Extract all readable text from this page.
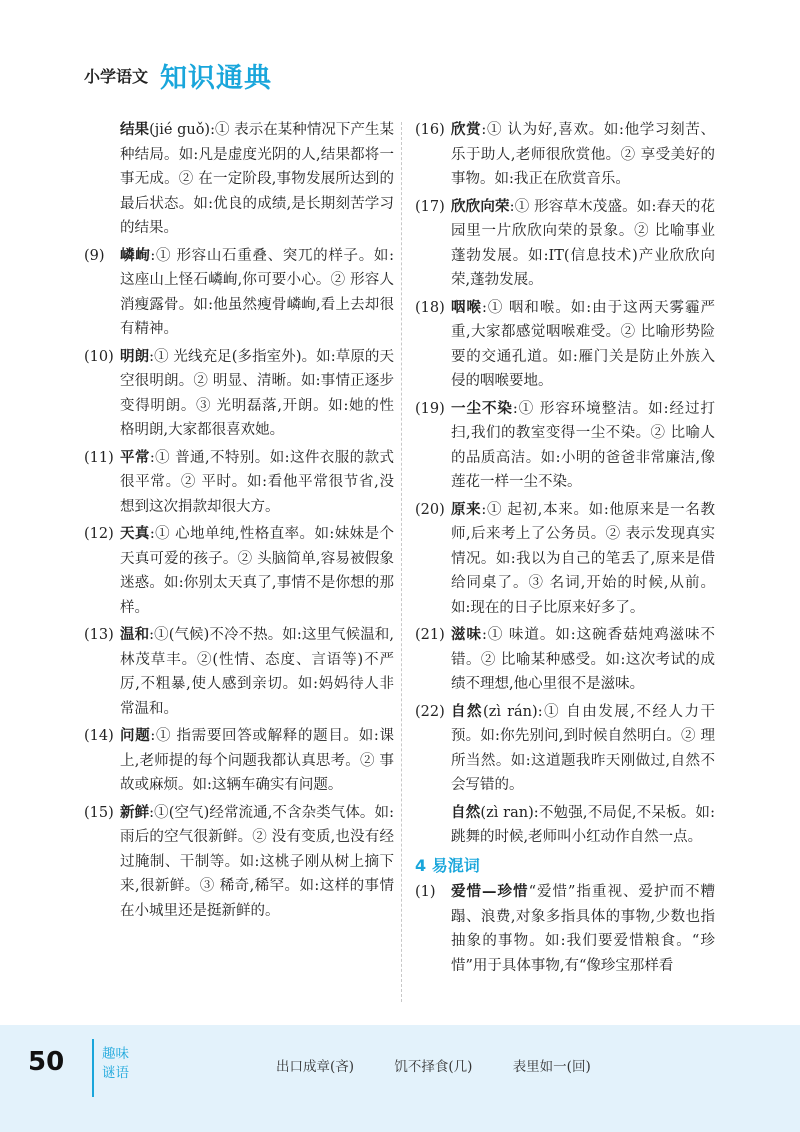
小学语文 知识通典
结果(jié guǒ):① 表示在某种情况下产生某种结局。如:凡是虚度光阴的人,结果都将一事无成。② 在一定阶段,事物发展所达到的最后状态。如:优良的成绩,是长期刻苦学习的结果。
(9)	嶙峋:① 形容山石重叠、突兀的样子。如:这座山上怪石嶙峋,你可要小心。② 形容人消瘦露骨。如:他虽然瘦骨嶙峋,看上去却很有精神。
(10) 明朗:① 光线充足(多指室外)。如:草原的天空很明朗。② 明显、清晰。如:事情正逐步变得明朗。③ 光明磊落,开朗。如:她的性格明朗,大家都很喜欢她。
(11) 平常:① 普通,不特别。如:这件衣服的款式很平常。② 平时。如:看他平常很节省,没想到这次捐款却很大方。
(12) 天真:① 心地单纯,性格直率。如:妹妹是个天真可爱的孩子。② 头脑简单,容易被假象迷惑。如:你别太天真了,事情不是你想的那样。
(13) 温和:①(气候)不冷不热。如:这里气候温和,林茂草丰。②(性情、态度、言语等)不严厉,不粗暴,使人感到亲切。如:妈妈待人非常温和。
(14) 问题:① 指需要回答或解释的题目。如:课上,老师提的每个问题我都认真思考。② 事故或麻烦。如:这辆车确实有问题。
(15) 新鲜:①(空气)经常流通,不含杂类气体。如:雨后的空气很新鲜。② 没有变质,也没有经过腌制、干制等。如:这桃子刚从树上摘下来,很新鲜。③ 稀奇,稀罕。如:这样的事情在小城里还是挺新鲜的。
(16) 欣赏:① 认为好,喜欢。如:他学习刻苦、乐于助人,老师很欣赏他。② 享受美好的事物。如:我正在欣赏音乐。
(17) 欣欣向荣:① 形容草木茂盛。如:春天的花园里一片欣欣向荣的景象。② 比喻事业蓬勃发展。如:IT(信息技术)产业欣欣向荣,蓬勃发展。
(18) 咽喉:① 咽和喉。如:由于这两天雾霾严重,大家都感觉咽喉难受。② 比喻形势险要的交通孔道。如:雁门关是防止外族入侵的咽喉要地。
(19) 一尘不染:① 形容环境整洁。如:经过打扫,我们的教室变得一尘不染。② 比喻人的品质高洁。如:小明的爸爸非常廉洁,像莲花一样一尘不染。
(20) 原来:① 起初,本来。如:他原来是一名教师,后来考上了公务员。② 表示发现真实情况。如:我以为自己的笔丢了,原来是借给同桌了。③ 名词,开始的时候,从前。如:现在的日子比原来好多了。
(21) 滋味:① 味道。如:这碗香菇炖鸡滋味不错。② 比喻某种感受。如:这次考试的成绩不理想,他心里很不是滋味。
(22) 自然(zì rán):① 自由发展,不经人力干预。如:你先别问,到时候自然明白。② 理所当然。如:这道题我昨天刚做过,自然不会写错的。
自然(zì ran):不勉强,不局促,不呆板。如:跳舞的时候,老师叫小红动作自然一点。
4 易混词
(1)	爱惜—珍惜“爱惜”指重视、爱护而不糟蹋、浪费,对象多指具体的事物,少数也指抽象的事物。如:我们要爱惜粮食。“珍惜”用于具体事物,有“像珍宝那样看
50	趣味谜语	出口成章(吝)	饥不择食(几)	表里如一(回)
